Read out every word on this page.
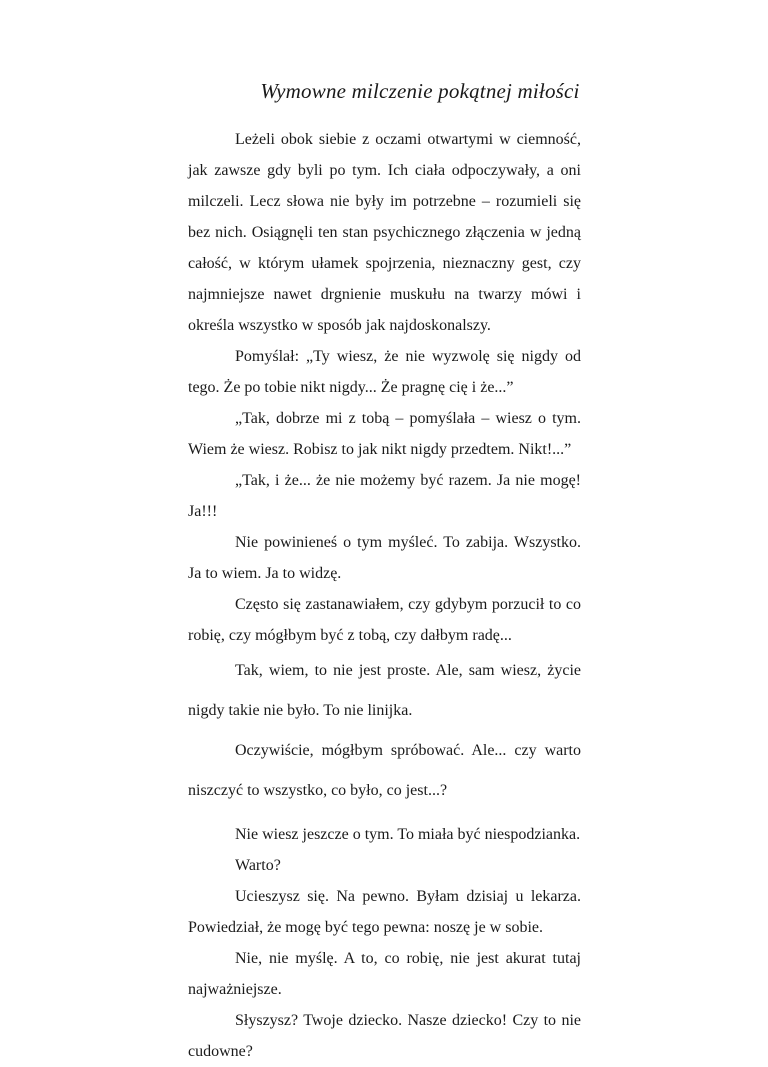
Wymowne milczenie pokątnej miłości

Leżeli obok siebie z oczami otwartymi w ciemność, jak zawsze gdy byli po tym. Ich ciała odpoczywały, a oni milczeli. Lecz słowa nie były im potrzebne – rozumieli się bez nich. Osiągnęli ten stan psychicznego złączenia w jedną całość, w którym ułamek spojrzenia, nieznaczny gest, czy najmniejsze nawet drgnienie muskułu na twarzy mówi i określa wszystko w sposób jak najdoskonalszy.

Pomyślał: „Ty wiesz, że nie wyzwolę się nigdy od tego. Że po tobie nikt nigdy... Że pragnę cię i że...”

„Tak, dobrze mi z tobą – pomyślała – wiesz o tym. Wiem że wiesz. Robisz to jak nikt nigdy przedtem. Nikt!...”

„Tak, i że... że nie możemy być razem. Ja nie mogę! Ja!!!

Nie powinieneś o tym myśleć. To zabija. Wszystko. Ja to wiem. Ja to widzę.

Często się zastanawiałem, czy gdybym porzucił to co robię, czy mógłbym być z tobą, czy dałbym radę...

Tak, wiem, to nie jest proste. Ale, sam wiesz, życie nigdy takie nie było. To nie linijka.

Oczywiście, mógłbym spróbować. Ale... czy warto niszczyć to wszystko, co było, co jest...?

Nie wiesz jeszcze o tym. To miała być niespodzianka.

Warto?

Ucieszysz się. Na pewno. Byłam dzisiaj u lekarza. Powiedział, że mogę być tego pewna: noszę je w sobie.

Nie, nie myślę. A to, co robię, nie jest akurat tutaj najważniejsze.

Słyszysz? Twoje dziecko. Nasze dziecko! Czy to nie cudowne?
